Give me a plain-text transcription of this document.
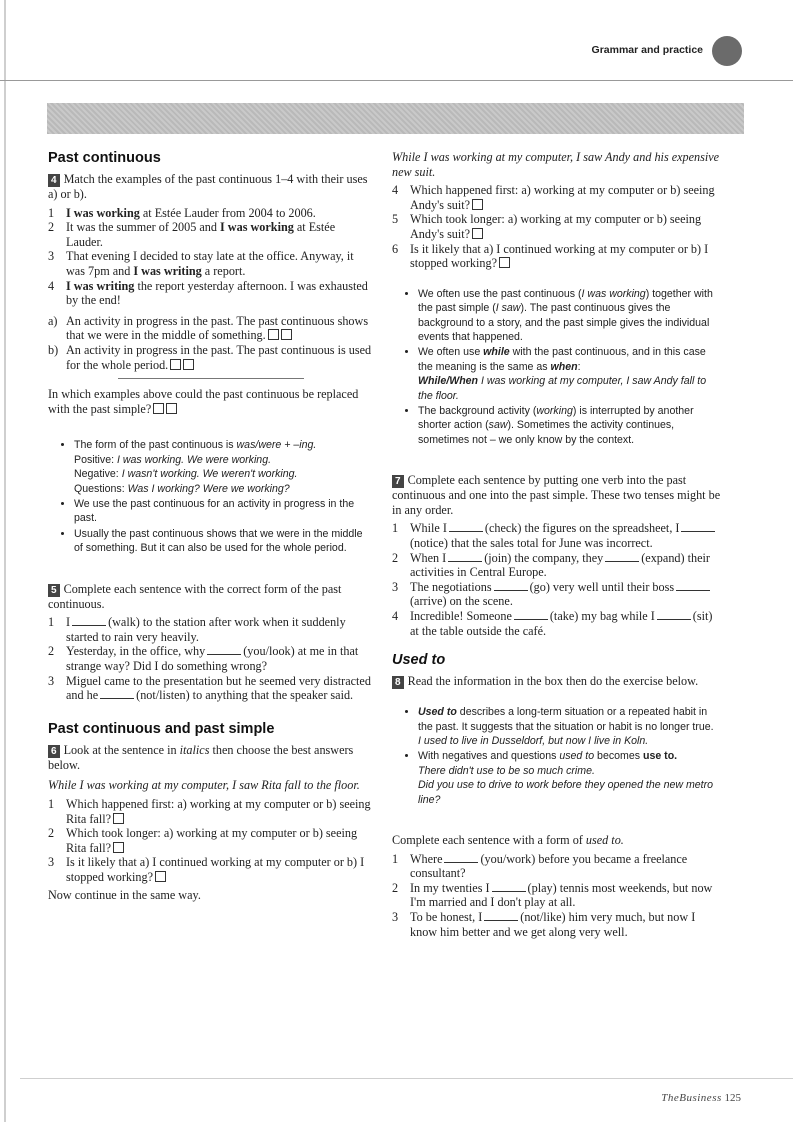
Grammar and practice
Past continuous

4 Match the examples of the past continuous 1–4 with their uses a) or b).

1 I was working at Estée Lauder from 2004 to 2006.
2 It was the summer of 2005 and I was working at Estée Lauder.
3 That evening I decided to stay late at the office. Anyway, it was 7pm and I was writing a report.
4 I was writing the report yesterday afternoon. I was exhausted by the end!
a) An activity in progress in the past. The past continuous shows that we were in the middle of something.
b) An activity in progress in the past. The past continuous is used for the whole period.

In which examples above could the past continuous be replaced with the past simple?

• The form of the past continuous is was/were + –ing.
Positive: I was working. We were working.
Negative: I wasn't working. We weren't working.
Questions: Was I working? Were we working?
• We use the past continuous for an activity in progress in the past.
• Usually the past continuous shows that we were in the middle of something. But it can also be used for the whole period.

5 Complete each sentence with the correct form of the past continuous.

1 I	(walk) to the station after work when it suddenly started to rain very heavily.
2 Yesterday, in the office, why	(you/look) at me in that strange way? Did I do something wrong?
3 Miguel came to the presentation but he seemed very distracted and he	(not/listen) to anything that the speaker said.
Past continuous and past simple

6 Look at the sentence in italics then choose the best answers below.

While I was working at my computer, I saw Rita fall to the floor.

1 Which happened first: a) working at my computer or b) seeing Rita fall?
2 Which took longer: a) working at my computer or b) seeing Rita fall?
3 Is it likely that a) I continued working at my computer or b) I stopped working?

Now continue in the same way.

While I was working at my computer, I saw Andy and his expensive new suit.

4 Which happened first: a) working at my computer or b) seeing Andy's suit?
5 Which took longer: a) working at my computer or b) seeing Andy's suit?
6 Is it likely that a) I continued working at my computer or b) I stopped working?
• We often use the past continuous (I was working) together with the past simple (I saw). The past continuous gives the background to a story, and the past simple gives the individual events that happened.
• We often use while with the past continuous, and in this case the meaning is the same as when:
While/When I was working at my computer, I saw Andy fall to the floor.
• The background activity (working) is interrupted by another shorter action (saw). Sometimes the activity continues, sometimes not – we only know by the context.

7 Complete each sentence by putting one verb into the past continuous and one into the past simple. These two tenses might be in any order.

1 While I	(check) the figures on the spreadsheet, I(notice) that the sales total for June was incorrect.
2 When I	(join) the company, they	(expand) their activities in Central Europe.
3 The negotiations	(go) very well until their boss(arrive) on the scene.
4 Incredible! Someone	(take) my bag while I	(sit) at the table outside the café.
Used to

8 Read the information in the box then do the exercise below.

• Used to describes a long-term situation or a repeated habit in the past. It suggests that the situation or habit is no longer true.
I used to live in Dusseldorf, but now I live in Koln.
• With negatives and questions used to becomes use to.
There didn't use to be so much crime.
Did you use to drive to work before they opened the new metro line?

Complete each sentence with a form of used to.

1 Where	(you/work) before you became a freelance consultant?
2 In my twenties I	(play) tennis most weekends, but now I'm married and I don't play at all.
3 To be honest, I	(not/like) him very much, but now I know him better and we get along very well.
TheBusiness 125
